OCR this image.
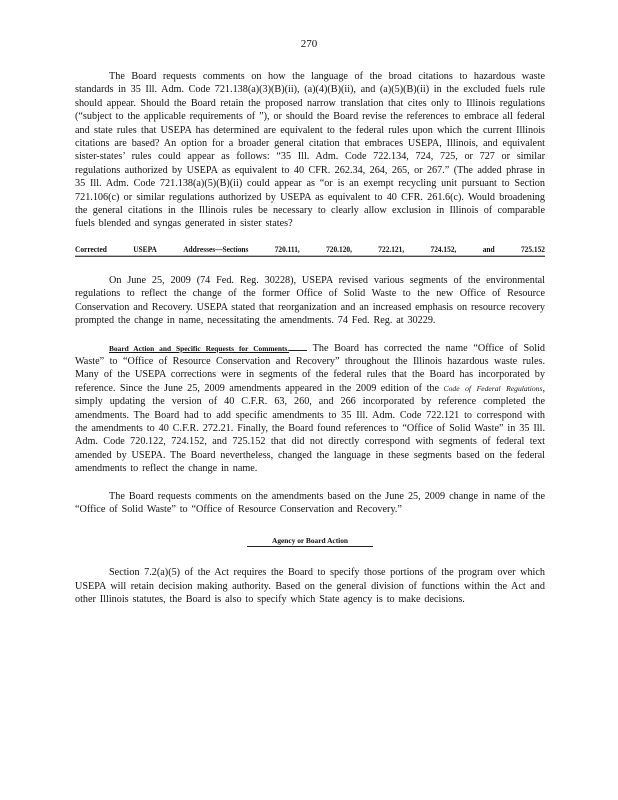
270

The Board requests comments on how the language of the broad citations to hazardous waste standards in 35 Ill. Adm. Code 721.138(a)(3)(B)(ii), (a)(4)(B)(ii), and (a)(5)(B)(ii) in the excluded fuels rule should appear. Should the Board retain the proposed narrow translation that cites only to Illinois regulations (“subject to the applicable requirements of ”), or should the Board revise the references to embrace all federal and state rules that USEPA has determined are equivalent to the federal rules upon which the current Illinois citations are based? An option for a broader general citation that embraces USEPA, Illinois, and equivalent sister-states’ rules could appear as follows: “35 Ill. Adm. Code 722.134, 724, 725, or 727 or similar regulations authorized by USEPA as equivalent to 40 CFR. 262.34, 264, 265, or 267.” (The added phrase in 35 Ill. Adm. Code 721.138(a)(5)(B)(ii) could appear as “or is an exempt recycling unit pursuant to Section 721.106(c) or similar regulations authorized by USEPA as equivalent to 40 CFR. 261.6(c). Would broadening the general citations in the Illinois rules be necessary to clearly allow exclusion in Illinois of comparable fuels blended and syngas generated in sister states?

Corrected	USEPA	Addresses—Sections	720.111,	720.120,	722.121,	724.152,	and	725.152

On June 25, 2009 (74 Fed. Reg. 30228), USEPA revised various segments of the environmental regulations to reflect the change of the former Office of Solid Waste to the new Office of Resource Conservation and Recovery. USEPA stated that reorganization and an increased emphasis on resource recovery prompted the change in name, necessitating the amendments. 74 Fed. Reg. at 30229.

Board Action and Specific Requests for Comments. The Board has corrected the name “Office of Solid Waste” to “Office of Resource Conservation and Recovery” throughout the Illinois hazardous waste rules. Many of the USEPA corrections were in segments of the federal rules that the Board has incorporated by reference. Since the June 25, 2009 amendments appeared in the 2009 edition of the Code of Federal Regulations, simply updating the version of 40 C.F.R. 63, 260, and 266 incorporated by reference completed the amendments. The Board had to add specific amendments to 35 Ill. Adm. Code 722.121 to correspond with the amendments to 40 C.F.R. 272.21. Finally, the Board found references to “Office of Solid Waste” in 35 Ill. Adm. Code 720.122, 724.152, and 725.152 that did not directly correspond with segments of federal text amended by USEPA. The Board nevertheless, changed the language in these segments based on the federal amendments to reflect the change in name.

The Board requests comments on the amendments based on the June 25, 2009 change in name of the “Office of Solid Waste” to “Office of Resource Conservation and Recovery.”

Agency or Board Action

Section 7.2(a)(5) of the Act requires the Board to specify those portions of the program over which USEPA will retain decision making authority. Based on the general division of functions within the Act and other Illinois statutes, the Board is also to specify which State agency is to make decisions.
